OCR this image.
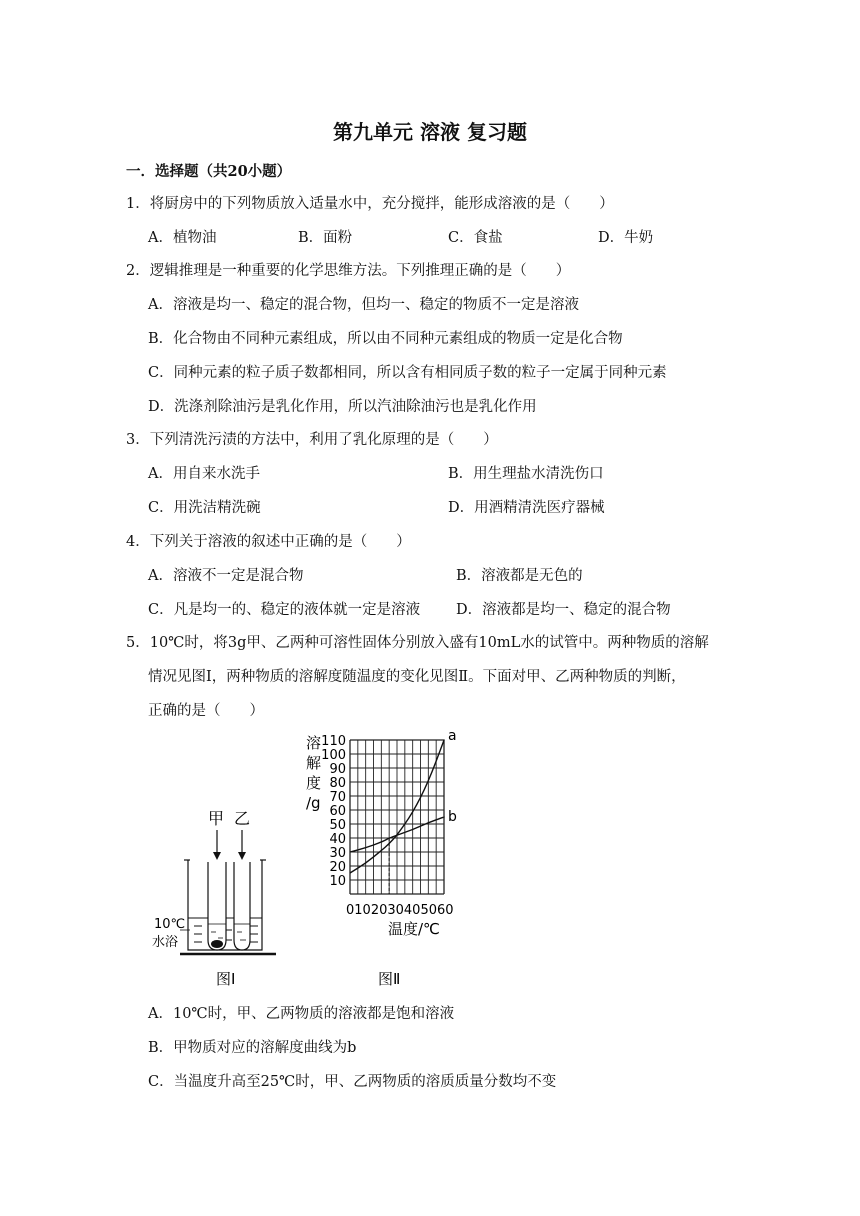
第九单元 溶液 复习题
一．选择题（共20小题）
1．将厨房中的下列物质放入适量水中，充分搅拌，能形成溶液的是（　　）
A．植物油	B．面粉	C．食盐	D．牛奶
2．逻辑推理是一种重要的化学思维方法。下列推理正确的是（　　）
A．溶液是均一、稳定的混合物，但均一、稳定的物质不一定是溶液
B．化合物由不同种元素组成，所以由不同种元素组成的物质一定是化合物
C．同种元素的粒子质子数都相同，所以含有相同质子数的粒子一定属于同种元素
D．洗涤剂除油污是乳化作用，所以汽油除油污也是乳化作用
3．下列清洗污渍的方法中，利用了乳化原理的是（　　）
A．用自来水洗手	B．用生理盐水清洗伤口
C．用洗洁精洗碗	D．用酒精清洗医疗器械
4．下列关于溶液的叙述中正确的是（　　）
A．溶液不一定是混合物	B．溶液都是无色的
C．凡是均一的、稳定的液体就一定是溶液 D．溶液都是均一、稳定的混合物
5．10℃时，将3g甲、乙两种可溶性固体分别放入盛有10mL水的试管中。两种物质的溶解
情况见图Ⅰ，两种物质的溶解度随温度的变化见图Ⅱ。下面对甲、乙两种物质的判断，
正确的是（　　）
甲 乙
10℃
水浴
图Ⅰ
溶
解
度
/g
10
20
30
40
50
60
70
80
90
100
110	a
b
0102030405060
温度/℃
图Ⅱ
A．10℃时，甲、乙两物质的溶液都是饱和溶液
B．甲物质对应的溶解度曲线为b
C．当温度升高至25℃时，甲、乙两物质的溶质质量分数均不变
